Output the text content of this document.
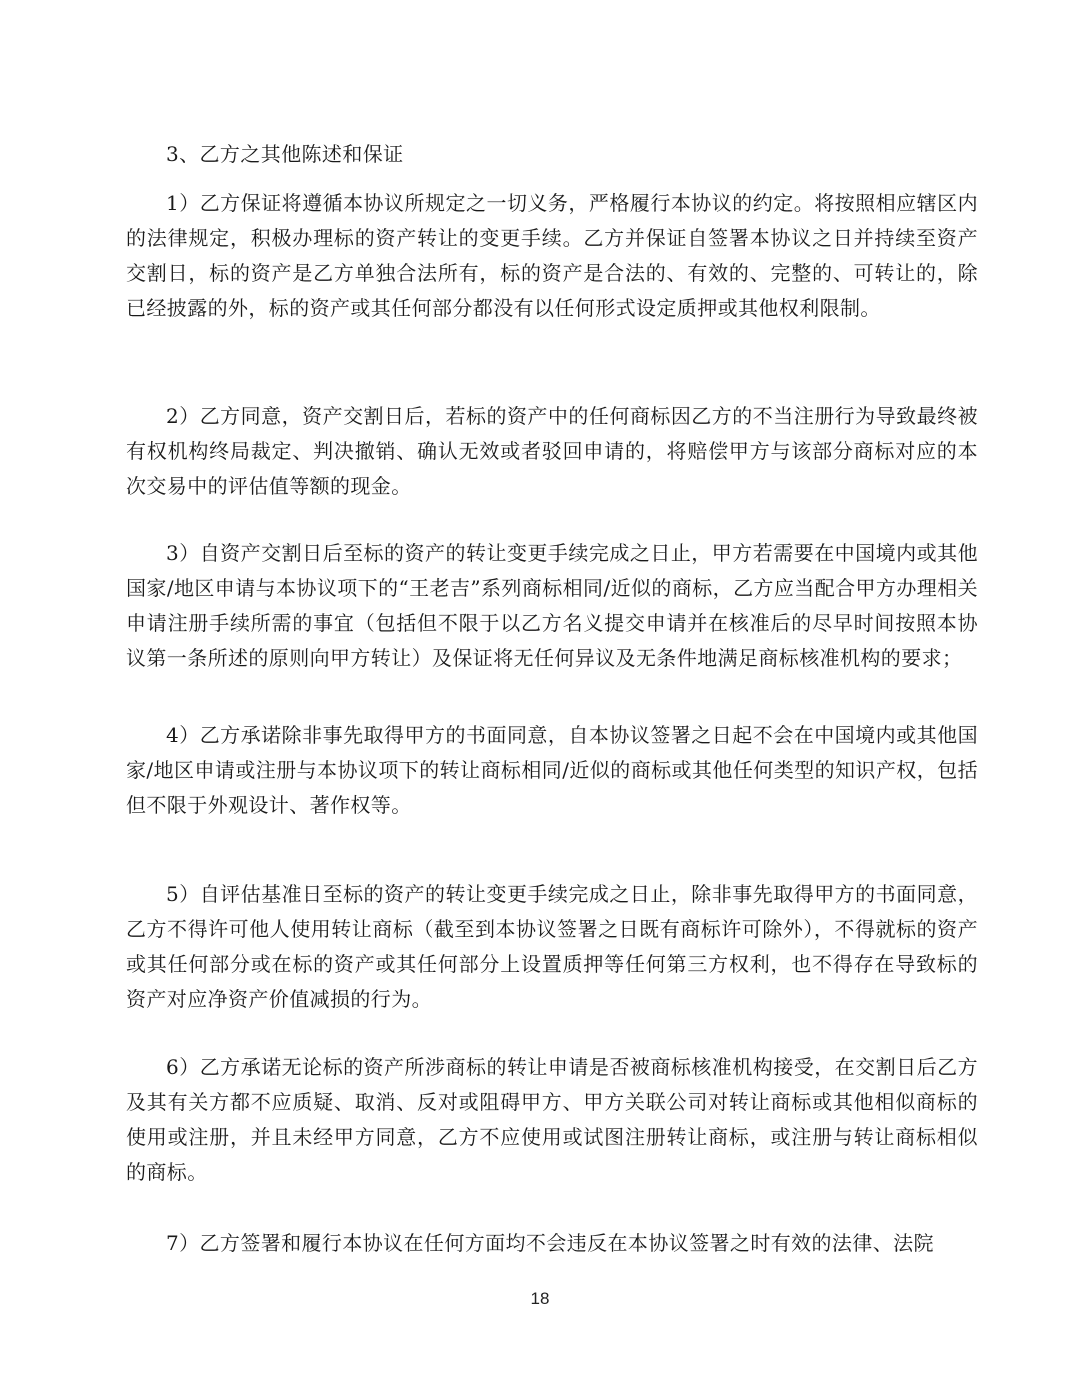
3、乙方之其他陈述和保证

1）乙方保证将遵循本协议所规定之一切义务，严格履行本协议的约定。将按照相应辖区内的法律规定，积极办理标的资产转让的变更手续。乙方并保证自签署本协议之日并持续至资产交割日，标的资产是乙方单独合法所有，标的资产是合法的、有效的、完整的、可转让的，除已经披露的外，标的资产或其任何部分都没有以任何形式设定质押或其他权利限制。

2）乙方同意，资产交割日后，若标的资产中的任何商标因乙方的不当注册行为导致最终被有权机构终局裁定、判决撤销、确认无效或者驳回申请的，将赔偿甲方与该部分商标对应的本次交易中的评估值等额的现金。

3）自资产交割日后至标的资产的转让变更手续完成之日止，甲方若需要在中国境内或其他国家/地区申请与本协议项下的“王老吉”系列商标相同/近似的商标，乙方应当配合甲方办理相关申请注册手续所需的事宜（包括但不限于以乙方名义提交申请并在核准后的尽早时间按照本协议第一条所述的原则向甲方转让）及保证将无任何异议及无条件地满足商标核准机构的要求；

4）乙方承诺除非事先取得甲方的书面同意，自本协议签署之日起不会在中国境内或其他国家/地区申请或注册与本协议项下的转让商标相同/近似的商标或其他任何类型的知识产权，包括但不限于外观设计、著作权等。

5）自评估基准日至标的资产的转让变更手续完成之日止，除非事先取得甲方的书面同意，乙方不得许可他人使用转让商标（截至到本协议签署之日既有商标许可除外），不得就标的资产或其任何部分或在标的资产或其任何部分上设置质押等任何第三方权利，也不得存在导致标的资产对应净资产价值减损的行为。

6）乙方承诺无论标的资产所涉商标的转让申请是否被商标核准机构接受，在交割日后乙方及其有关方都不应质疑、取消、反对或阻碍甲方、甲方关联公司对转让商标或其他相似商标的使用或注册，并且未经甲方同意，乙方不应使用或试图注册转让商标，或注册与转让商标相似的商标。

7）乙方签署和履行本协议在任何方面均不会违反在本协议签署之时有效的法律、法院

18
